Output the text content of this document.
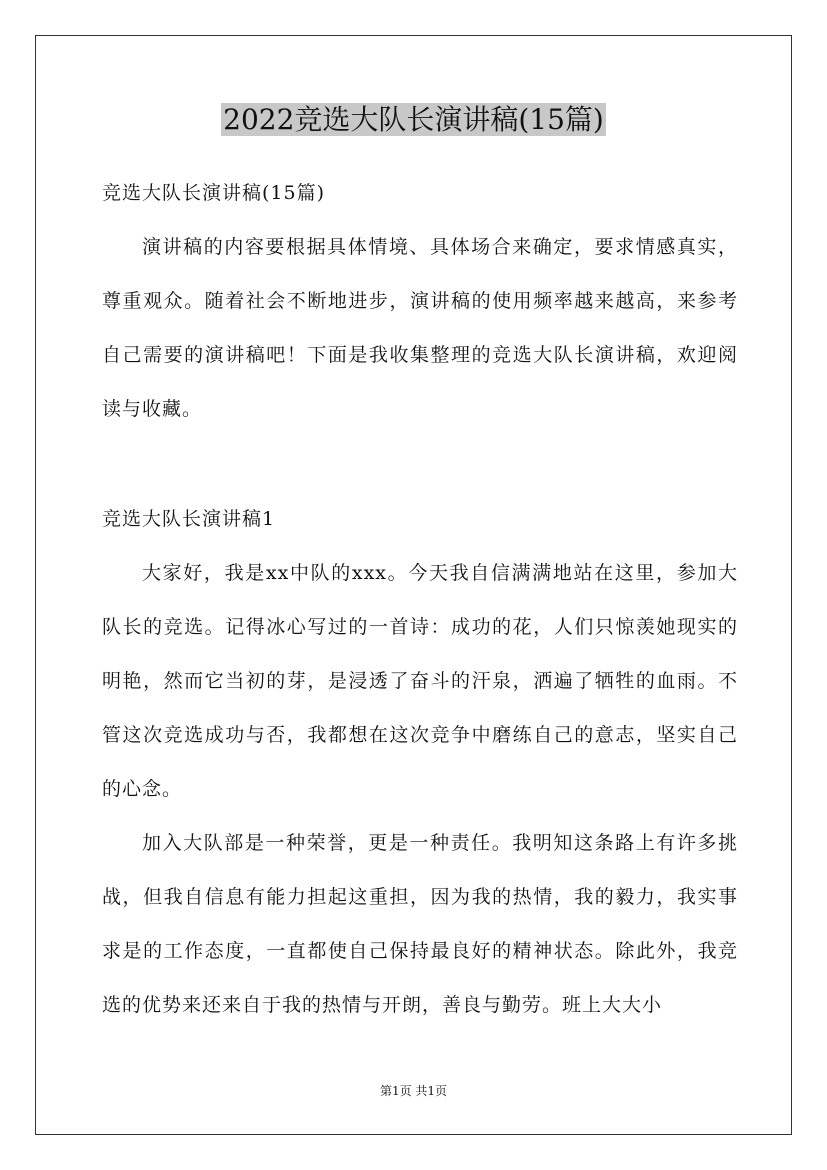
2022竞选大队长演讲稿(15篇)
竞选大队长演讲稿(15篇)

演讲稿的内容要根据具体情境、具体场合来确定，要求情感真实，尊重观众。随着社会不断地进步，演讲稿的使用频率越来越高，来参考自己需要的演讲稿吧！下面是我收集整理的竞选大队长演讲稿，欢迎阅读与收藏。

竞选大队长演讲稿1

大家好，我是xx中队的xxx。今天我自信满满地站在这里，参加大队长的竞选。记得冰心写过的一首诗：成功的花，人们只惊羡她现实的明艳，然而它当初的芽，是浸透了奋斗的汗泉，洒遍了牺牲的血雨。不管这次竞选成功与否，我都想在这次竞争中磨练自己的意志，坚实自己的心念。

加入大队部是一种荣誉，更是一种责任。我明知这条路上有许多挑战，但我自信息有能力担起这重担，因为我的热情，我的毅力，我实事求是的工作态度，一直都使自己保持最良好的精神状态。除此外，我竞选的优势来还来自于我的热情与开朗，善良与勤劳。班上大大小

第1页 共1页
